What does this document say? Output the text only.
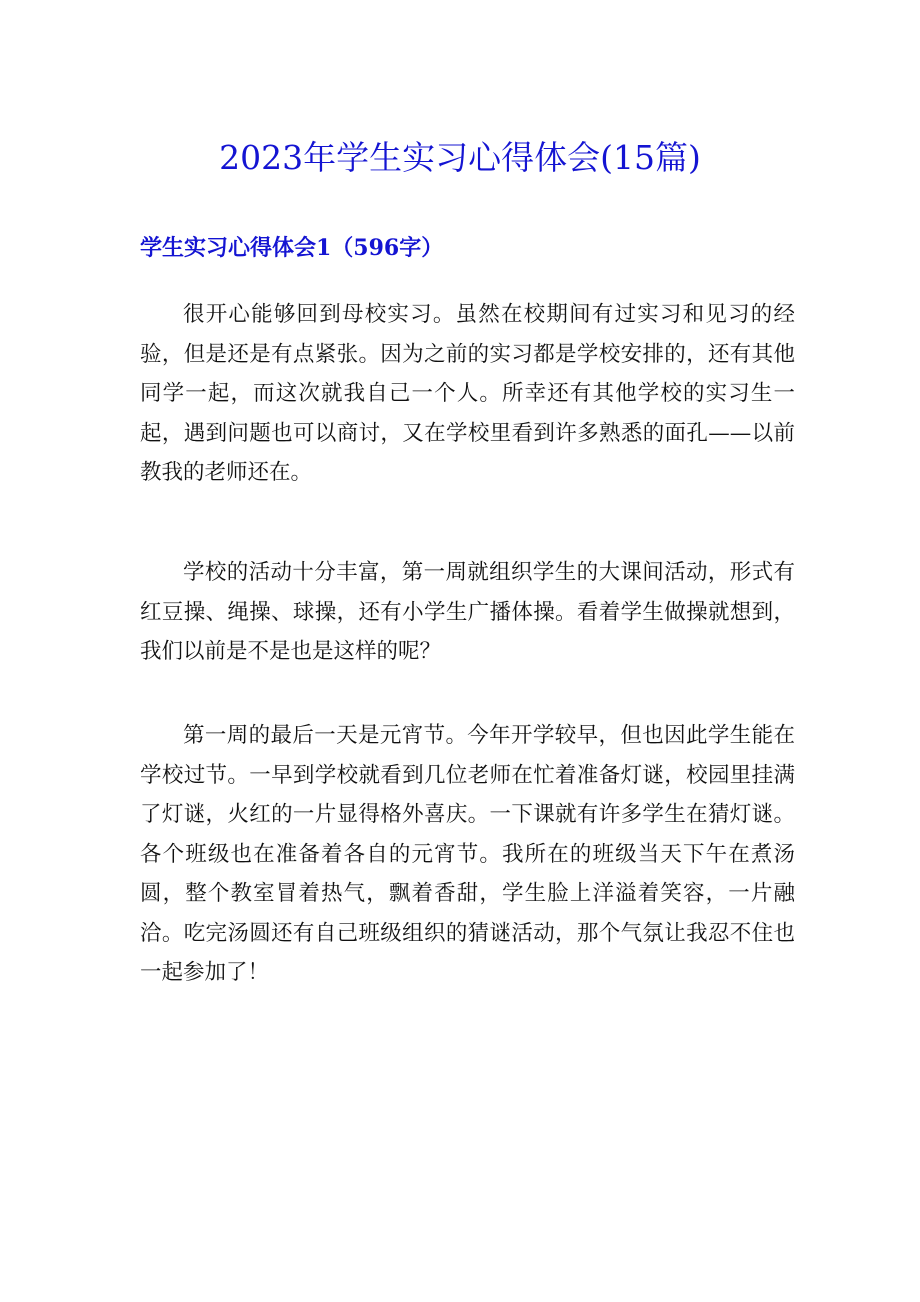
2023年学生实习心得体会(15篇)
学生实习心得体会1（596字）

很开心能够回到母校实习。虽然在校期间有过实习和见习的经验，但是还是有点紧张。因为之前的实习都是学校安排的，还有其他同学一起，而这次就我自己一个人。所幸还有其他学校的实习生一起，遇到问题也可以商讨，又在学校里看到许多熟悉的面孔——以前教我的老师还在。

学校的活动十分丰富，第一周就组织学生的大课间活动，形式有红豆操、绳操、球操，还有小学生广播体操。看着学生做操就想到，我们以前是不是也是这样的呢？

第一周的最后一天是元宵节。今年开学较早，但也因此学生能在学校过节。一早到学校就看到几位老师在忙着准备灯谜，校园里挂满了灯谜，火红的一片显得格外喜庆。一下课就有许多学生在猜灯谜。各个班级也在准备着各自的元宵节。我所在的班级当天下午在煮汤圆，整个教室冒着热气，飘着香甜，学生脸上洋溢着笑容，一片融洽。吃完汤圆还有自己班级组织的猜谜活动，那个气氛让我忍不住也一起参加了！
